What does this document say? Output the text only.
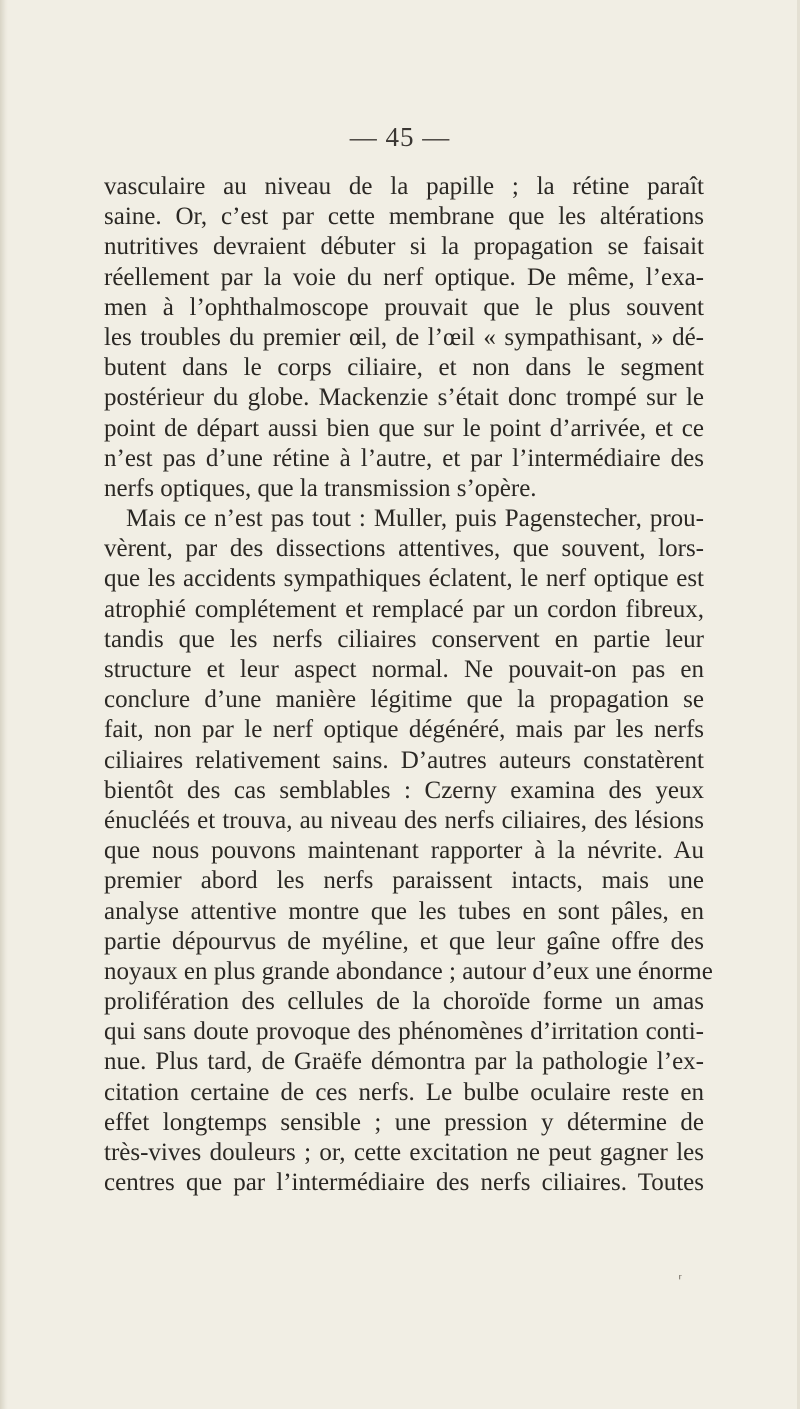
— 45 —
vasculaire au niveau de la papille ; la rétine paraît
saine. Or, c’est par cette membrane que les altérations
nutritives devraient débuter si la propagation se faisait
réellement par la voie du nerf optique. De même, l’exa-
men à l’ophthalmoscope prouvait que le plus souvent
les troubles du premier œil, de l’œil « sympathisant, » dé-
butent dans le corps ciliaire, et non dans le segment
postérieur du globe. Mackenzie s’était donc trompé sur le
point de départ aussi bien que sur le point d’arrivée, et ce
n’est pas d’une rétine à l’autre, et par l’intermédiaire des
nerfs optiques, que la transmission s’opère.
Mais ce n’est pas tout : Muller, puis Pagenstecher, prou-
vèrent, par des dissections attentives, que souvent, lors-
que les accidents sympathiques éclatent, le nerf optique est
atrophié complétement et remplacé par un cordon fibreux,
tandis que les nerfs ciliaires conservent en partie leur
structure et leur aspect normal. Ne pouvait-on pas en
conclure d’une manière légitime que la propagation se
fait, non par le nerf optique dégénéré, mais par les nerfs
ciliaires relativement sains. D’autres auteurs constatèrent
bientôt des cas semblables : Czerny examina des yeux
énucléés et trouva, au niveau des nerfs ciliaires, des lésions
que nous pouvons maintenant rapporter à la névrite. Au
premier abord les nerfs paraissent intacts, mais une
analyse attentive montre que les tubes en sont pâles, en
partie dépourvus de myéline, et que leur gaîne offre des
noyaux en plus grande abondance ; autour d’eux une énorme
prolifération des cellules de la choroïde forme un amas
qui sans doute provoque des phénomènes d’irritation conti-
nue. Plus tard, de Graëfe démontra par la pathologie l’ex-
citation certaine de ces nerfs. Le bulbe oculaire reste en
effet longtemps sensible ; une pression y détermine de
très-vives douleurs ; or, cette excitation ne peut gagner les
centres que par l’intermédiaire des nerfs ciliaires. Toutes
⸢
